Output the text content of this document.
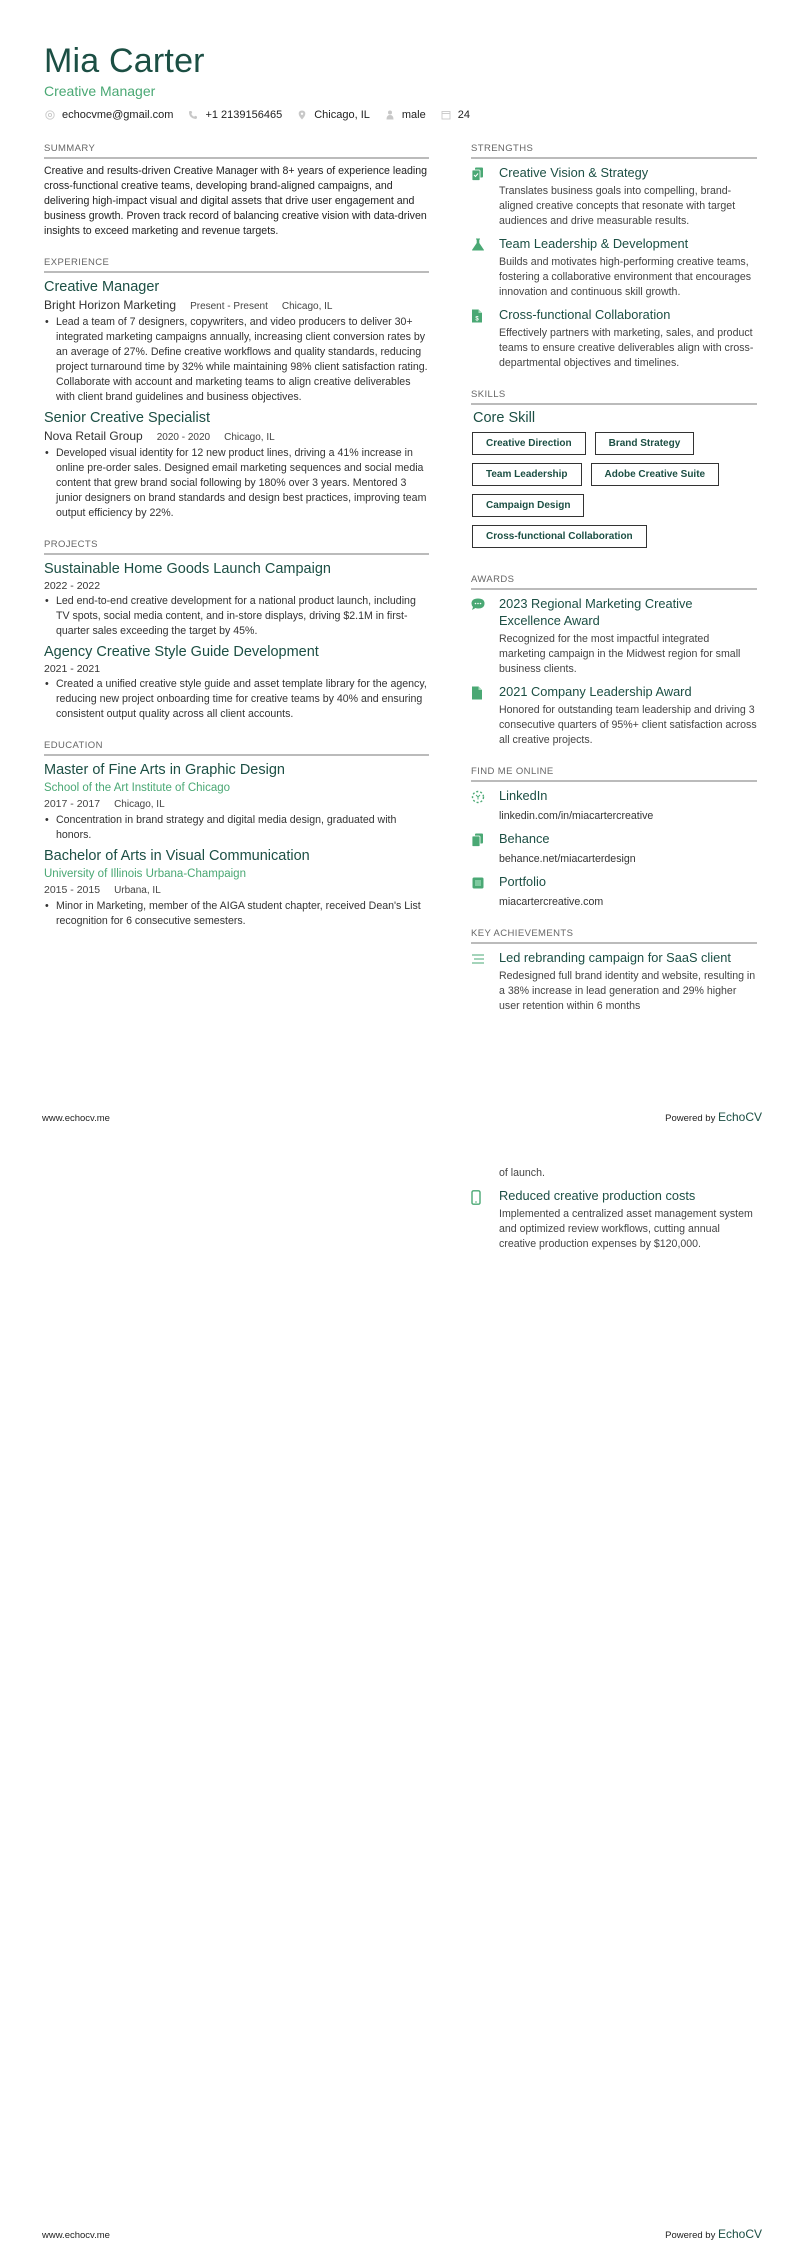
Mia Carter
Creative Manager
echocvme@gmail.com	+1 2139156465	Chicago, IL	male	24
SUMMARY
Creative and results-driven Creative Manager with 8+ years of experience leading cross-functional creative teams, developing brand-aligned campaigns, and delivering high-impact visual and digital assets that drive user engagement and business growth. Proven track record of balancing creative vision with data-driven insights to exceed marketing and revenue targets.
EXPERIENCE
Creative Manager
Bright Horizon Marketing Present - Present Chicago, IL
• Lead a team of 7 designers, copywriters, and video producers to deliver 30+ integrated marketing campaigns annually, increasing client conversion rates by an average of 27%. Define creative workflows and quality standards, reducing project turnaround time by 32% while maintaining 98% client satisfaction rating. Collaborate with account and marketing teams to align creative deliverables with client brand guidelines and business objectives.
Senior Creative Specialist
Nova Retail Group 2020 - 2020 Chicago, IL
• Developed visual identity for 12 new product lines, driving a 41% increase in online pre-order sales. Designed email marketing sequences and social media content that grew brand social following by 180% over 3 years. Mentored 3 junior designers on brand standards and design best practices, improving team output efficiency by 22%.
PROJECTS
Sustainable Home Goods Launch Campaign
2022 - 2022
• Led end-to-end creative development for a national product launch, including TV spots, social media content, and in-store displays, driving $2.1M in first-quarter sales exceeding the target by 45%.
Agency Creative Style Guide Development
2021 - 2021
• Created a unified creative style guide and asset template library for the agency, reducing new project onboarding time for creative teams by 40% and ensuring consistent output quality across all client accounts.
EDUCATION
Master of Fine Arts in Graphic Design
School of the Art Institute of Chicago
2017 - 2017 Chicago, IL
• Concentration in brand strategy and digital media design, graduated with honors.
Bachelor of Arts in Visual Communication
University of Illinois Urbana-Champaign
2015 - 2015 Urbana, IL
• Minor in Marketing, member of the AIGA student chapter, received Dean's List recognition for 6 consecutive semesters.
STRENGTHS
Creative Vision & Strategy
Translates business goals into compelling, brand-aligned creative concepts that resonate with target audiences and drive measurable results.
Team Leadership & Development
Builds and motivates high-performing creative teams, fostering a collaborative environment that encourages innovation and continuous skill growth.
$ Cross-functional Collaboration
Effectively partners with marketing, sales, and product teams to ensure creative deliverables align with cross-departmental objectives and timelines.
SKILLS
Core Skill
Creative Direction	Brand Strategy
Team Leadership	Adobe Creative Suite
Campaign Design
Cross-functional Collaboration
AWARDS
2023 Regional Marketing Creative Excellence Award
Recognized for the most impactful integrated marketing campaign in the Midwest region for small business clients.
2021 Company Leadership Award
Honored for outstanding team leadership and driving 3 consecutive quarters of 95%+ client satisfaction across all creative projects.
FIND ME ONLINE
LinkedIn
linkedin.com/in/miacartercreative
Behance
behance.net/miacarterdesign
Portfolio
miacartercreative.com
KEY ACHIEVEMENTS
Led rebranding campaign for SaaS client
Redesigned full brand identity and website, resulting in a 38% increase in lead generation and 29% higher user retention within 6 months
www.echocv.me	Powered by EchoCV
of launch.
Reduced creative production costs
Implemented a centralized asset management system and optimized review workflows, cutting annual creative production expenses by $120,000.
www.echocv.me	Powered by EchoCV
